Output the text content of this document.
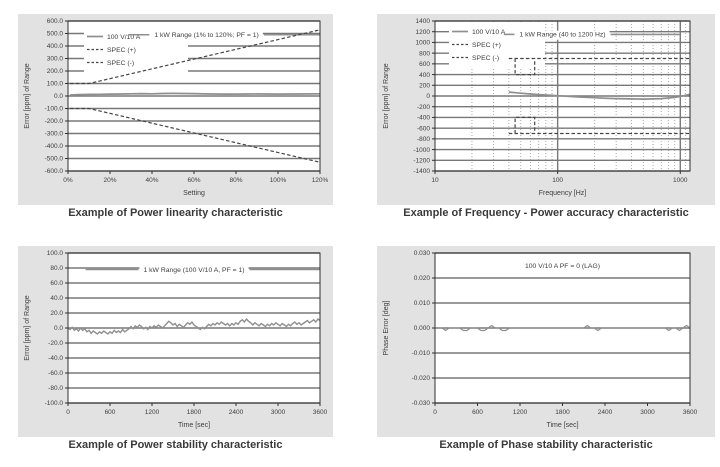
-600.0
-500.0
-400.0
-300.0
-200.0
-100.0
0.0
100.0
200.0
300.0
400.0
500.0
600.0
100 V/10 A
SPEC (+)
SPEC (-)
1 kW Range (1% to 120%; PF = 1)
0%	20%	40%	60%	80%	100%	120%
Setting
Error [ppm] of Range
-1400
-1200
-1000
-800
-600
-400
-200
0
200
400
600
800
1000
1200
1400
100 V/10 A
SPEC (+)
SPEC (-)
1 kW Range (40 to 1200 Hz)
10	100	1000
Frequency [Hz]
Error [ppm] of Range
-100.0
-80.0
-60.0
-40.0
-20.0
0.0
20.0
40.0
60.0
80.0
100.0
1 kW Range (100 V/10 A, PF = 1)
0	600	1200	1800	2400	3000	3600
Time [sec]
Error [ppm] of Range
-0.030
-0.020
-0.010
0.000
0.010
0.020
0.030
100 V/10 A PF = 0 (LAG)
0	600	1200	1800	2400	3000	3600
Time [sec]
Phase Error [deg]
Example of Power linearity characteristic	Example of Frequency - Power accuracy characteristic
Example of Power stability characteristic	Example of Phase stability characteristic
